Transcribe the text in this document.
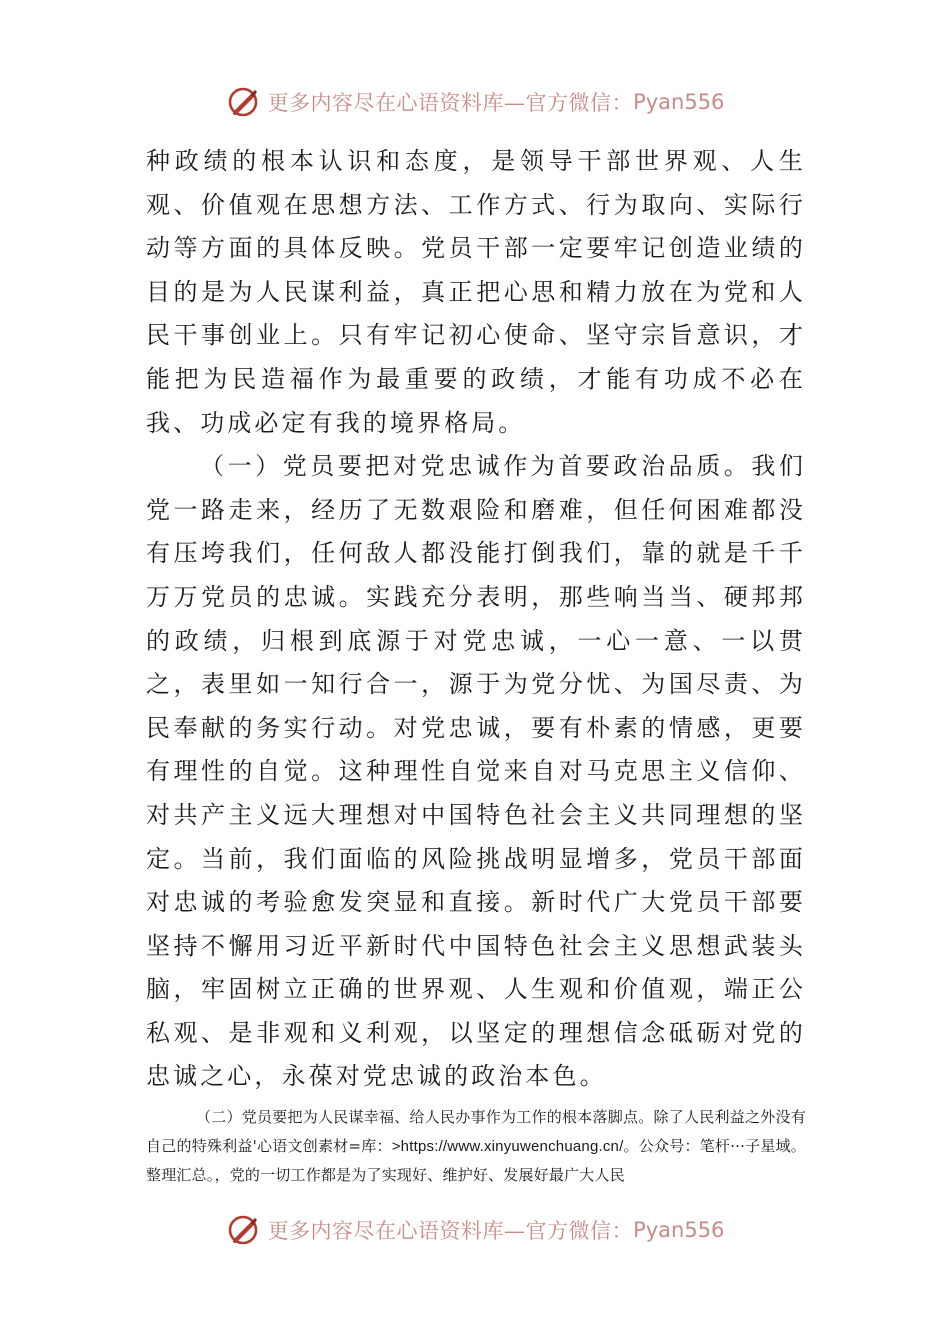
更多内容尽在心语资料库—官方微信： Pyan556

种政绩的根本认识和态度，是领导干部世界观、人生观、价值观在思想方法、工作方式、行为取向、实际行动等方面的具体反映。党员干部一定要牢记创造业绩的目的是为人民谋利益，真正把心思和精力放在为党和人民干事创业上。只有牢记初心使命、坚守宗旨意识，才能把为民造福作为最重要的政绩，才能有功成不必在我、功成必定有我的境界格局。

（一）党员要把对党忠诚作为首要政治品质。我们党一路走来，经历了无数艰险和磨难，但任何困难都没有压垮我们，任何敌人都没能打倒我们，靠的就是千千万万党员的忠诚。实践充分表明，那些响当当、硬邦邦的政绩，归根到底源于对党忠诚，一心一意、一以贯之，表里如一知行合一，源于为党分忧、为国尽责、为民奉献的务实行动。对党忠诚，要有朴素的情感，更要有理性的自觉。这种理性自觉来自对马克思主义信仰、对共产主义远大理想对中国特色社会主义共同理想的坚定。当前，我们面临的风险挑战明显增多，党员干部面对忠诚的考验愈发突显和直接。新时代广大党员干部要坚持不懈用习近平新时代中国特色社会主义思想武装头脑，牢固树立正确的世界观、人生观和价值观，端正公私观、是非观和义利观，以坚定的理想信念砥砺对党的忠诚之心，永葆对党忠诚的政治本色。

（二）党员要把为人民谋幸福、给人民办事作为工作的根本落脚点。除了人民利益之外没有自己的特殊利益'心语文创素材=库：>https://www.xinyuwenchuang.cn/。公众号：笔杆···子星域。整理汇总。，党的一切工作都是为了实现好、维护好、发展好最广大人民

更多内容尽在心语资料库—官方微信： Pyan556
